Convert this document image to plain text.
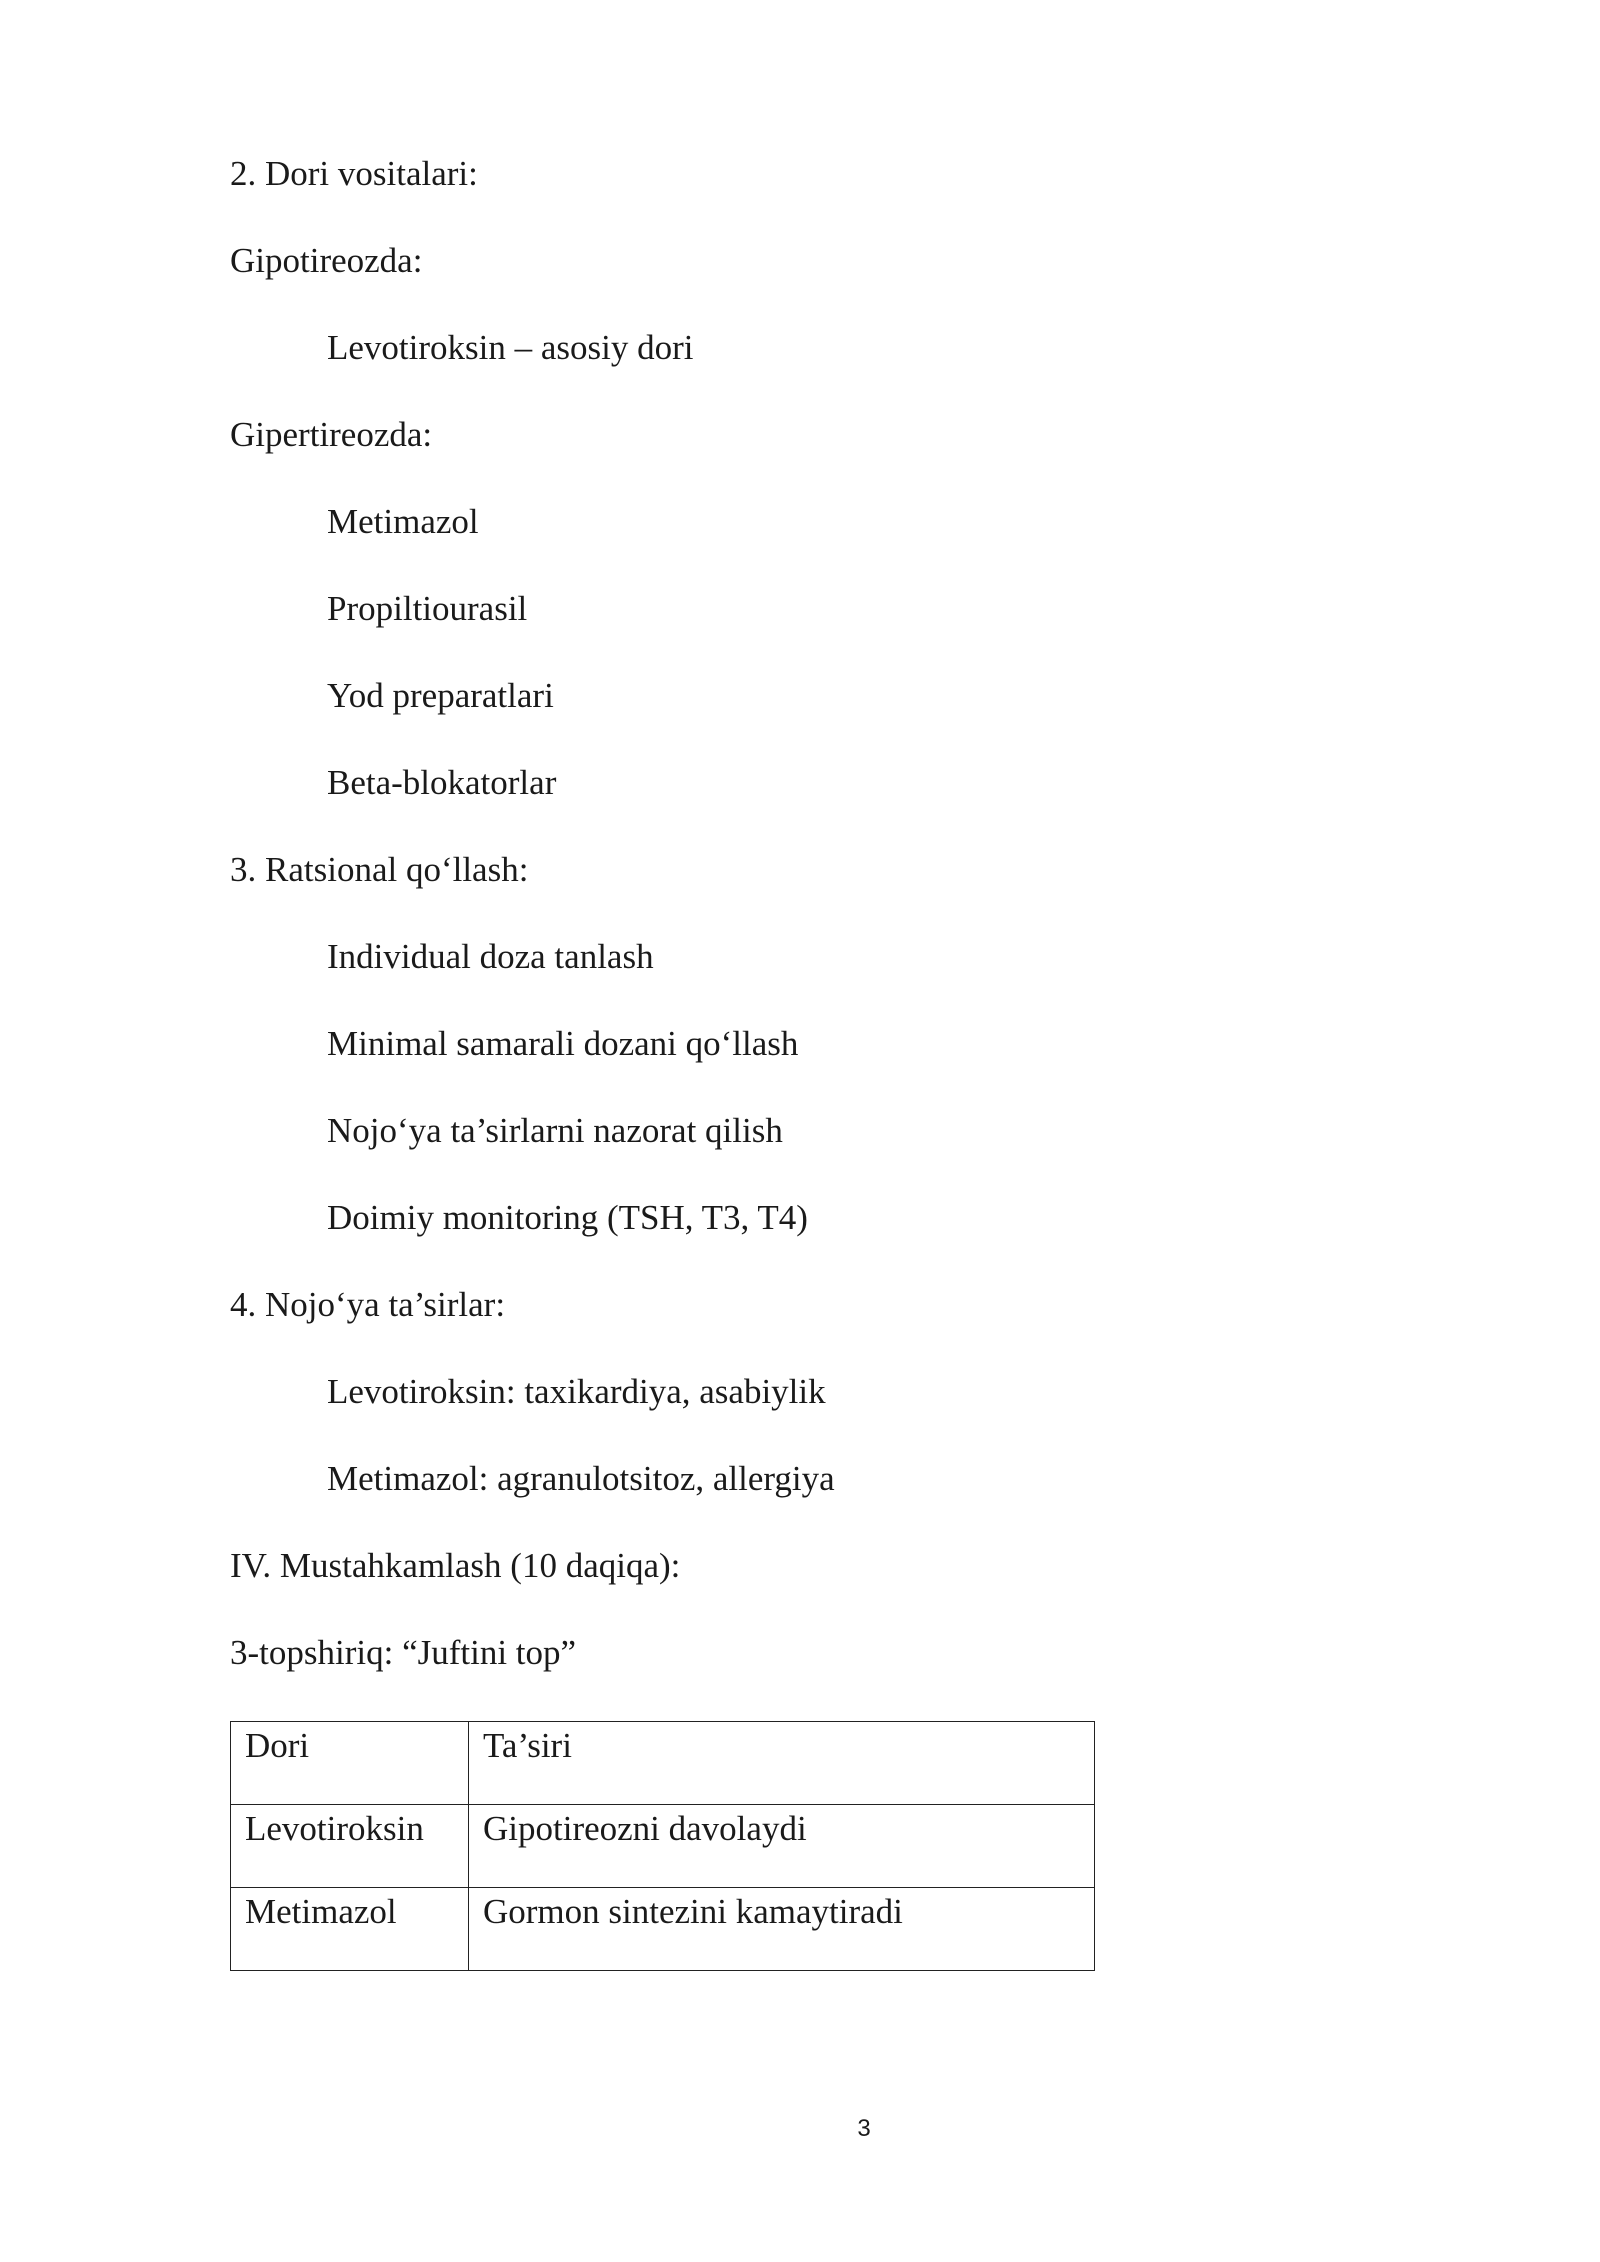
2. Dori vositalari:
Gipotireozda:
Levotiroksin – asosiy dori
Gipertireozda:
Metimazol
Propiltiourasil
Yod preparatlari
Beta-blokatorlar
3. Ratsional qo‘llash:
Individual doza tanlash
Minimal samarali dozani qo‘llash
Nojo‘ya ta’sirlarni nazorat qilish
Doimiy monitoring (TSH, T3, T4)
4. Nojo‘ya ta’sirlar:
Levotiroksin: taxikardiya, asabiylik
Metimazol: agranulotsitoz, allergiya
IV. Mustahkamlash (10 daqiqa):
3-topshiriq: “Juftini top”
Dori	Ta’siri
Levotiroksin	Gipotireozni davolaydi
Metimazol	Gormon sintezini kamaytiradi
3
